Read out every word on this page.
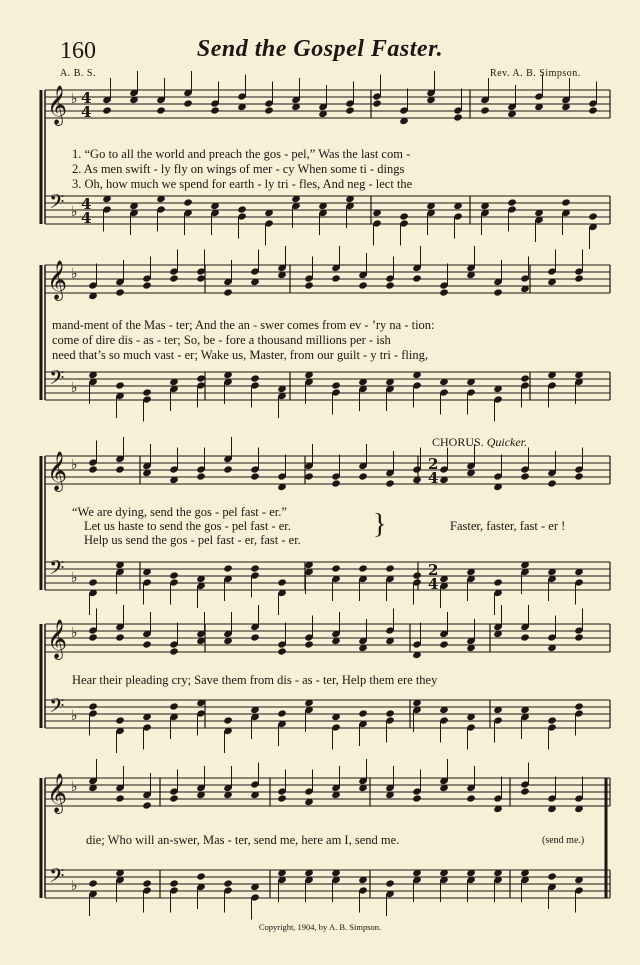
160	Send the Gospel Faster.
A. B. S.	Rev. A. B. Simpson.
𝄞
𝄢
♭
♭
4
4
4
4
𝄞
𝄢
♭
♭
𝄞
𝄢
♭
♭
2
4
2
4
𝄞
𝄢
♭
♭
𝄞
𝄢
♭
♭
1. “Go to all the world and preach the gos - pel,” Was the last com -
2. As men swift - ly fly on wings of mer - cy When some ti - dings
3. Oh, how much we spend for earth - ly tri - fles, And neg - lect the
mand-ment of the Mas - ter; And the an - swer comes from ev - ’ry na - tion:
come of dire dis - as - ter; So, be - fore a thousand millions per - ish
need that’s so much vast - er; Wake us, Master, from our guilt - y tri - fling,
CHORUS. Quicker.
“We are dying, send the gos - pel fast - er.”
Let us haste to send the gos - pel fast - er.
Help us send the gos - pel fast - er, fast - er.	}	Faster, faster, fast - er !
Hear their pleading cry; Save them from dis - as - ter, Help them ere they
die; Who will an-swer, Mas - ter, send me, here am I, send me.	(send me.)
Copyright, 1904, by A. B. Simpson.
